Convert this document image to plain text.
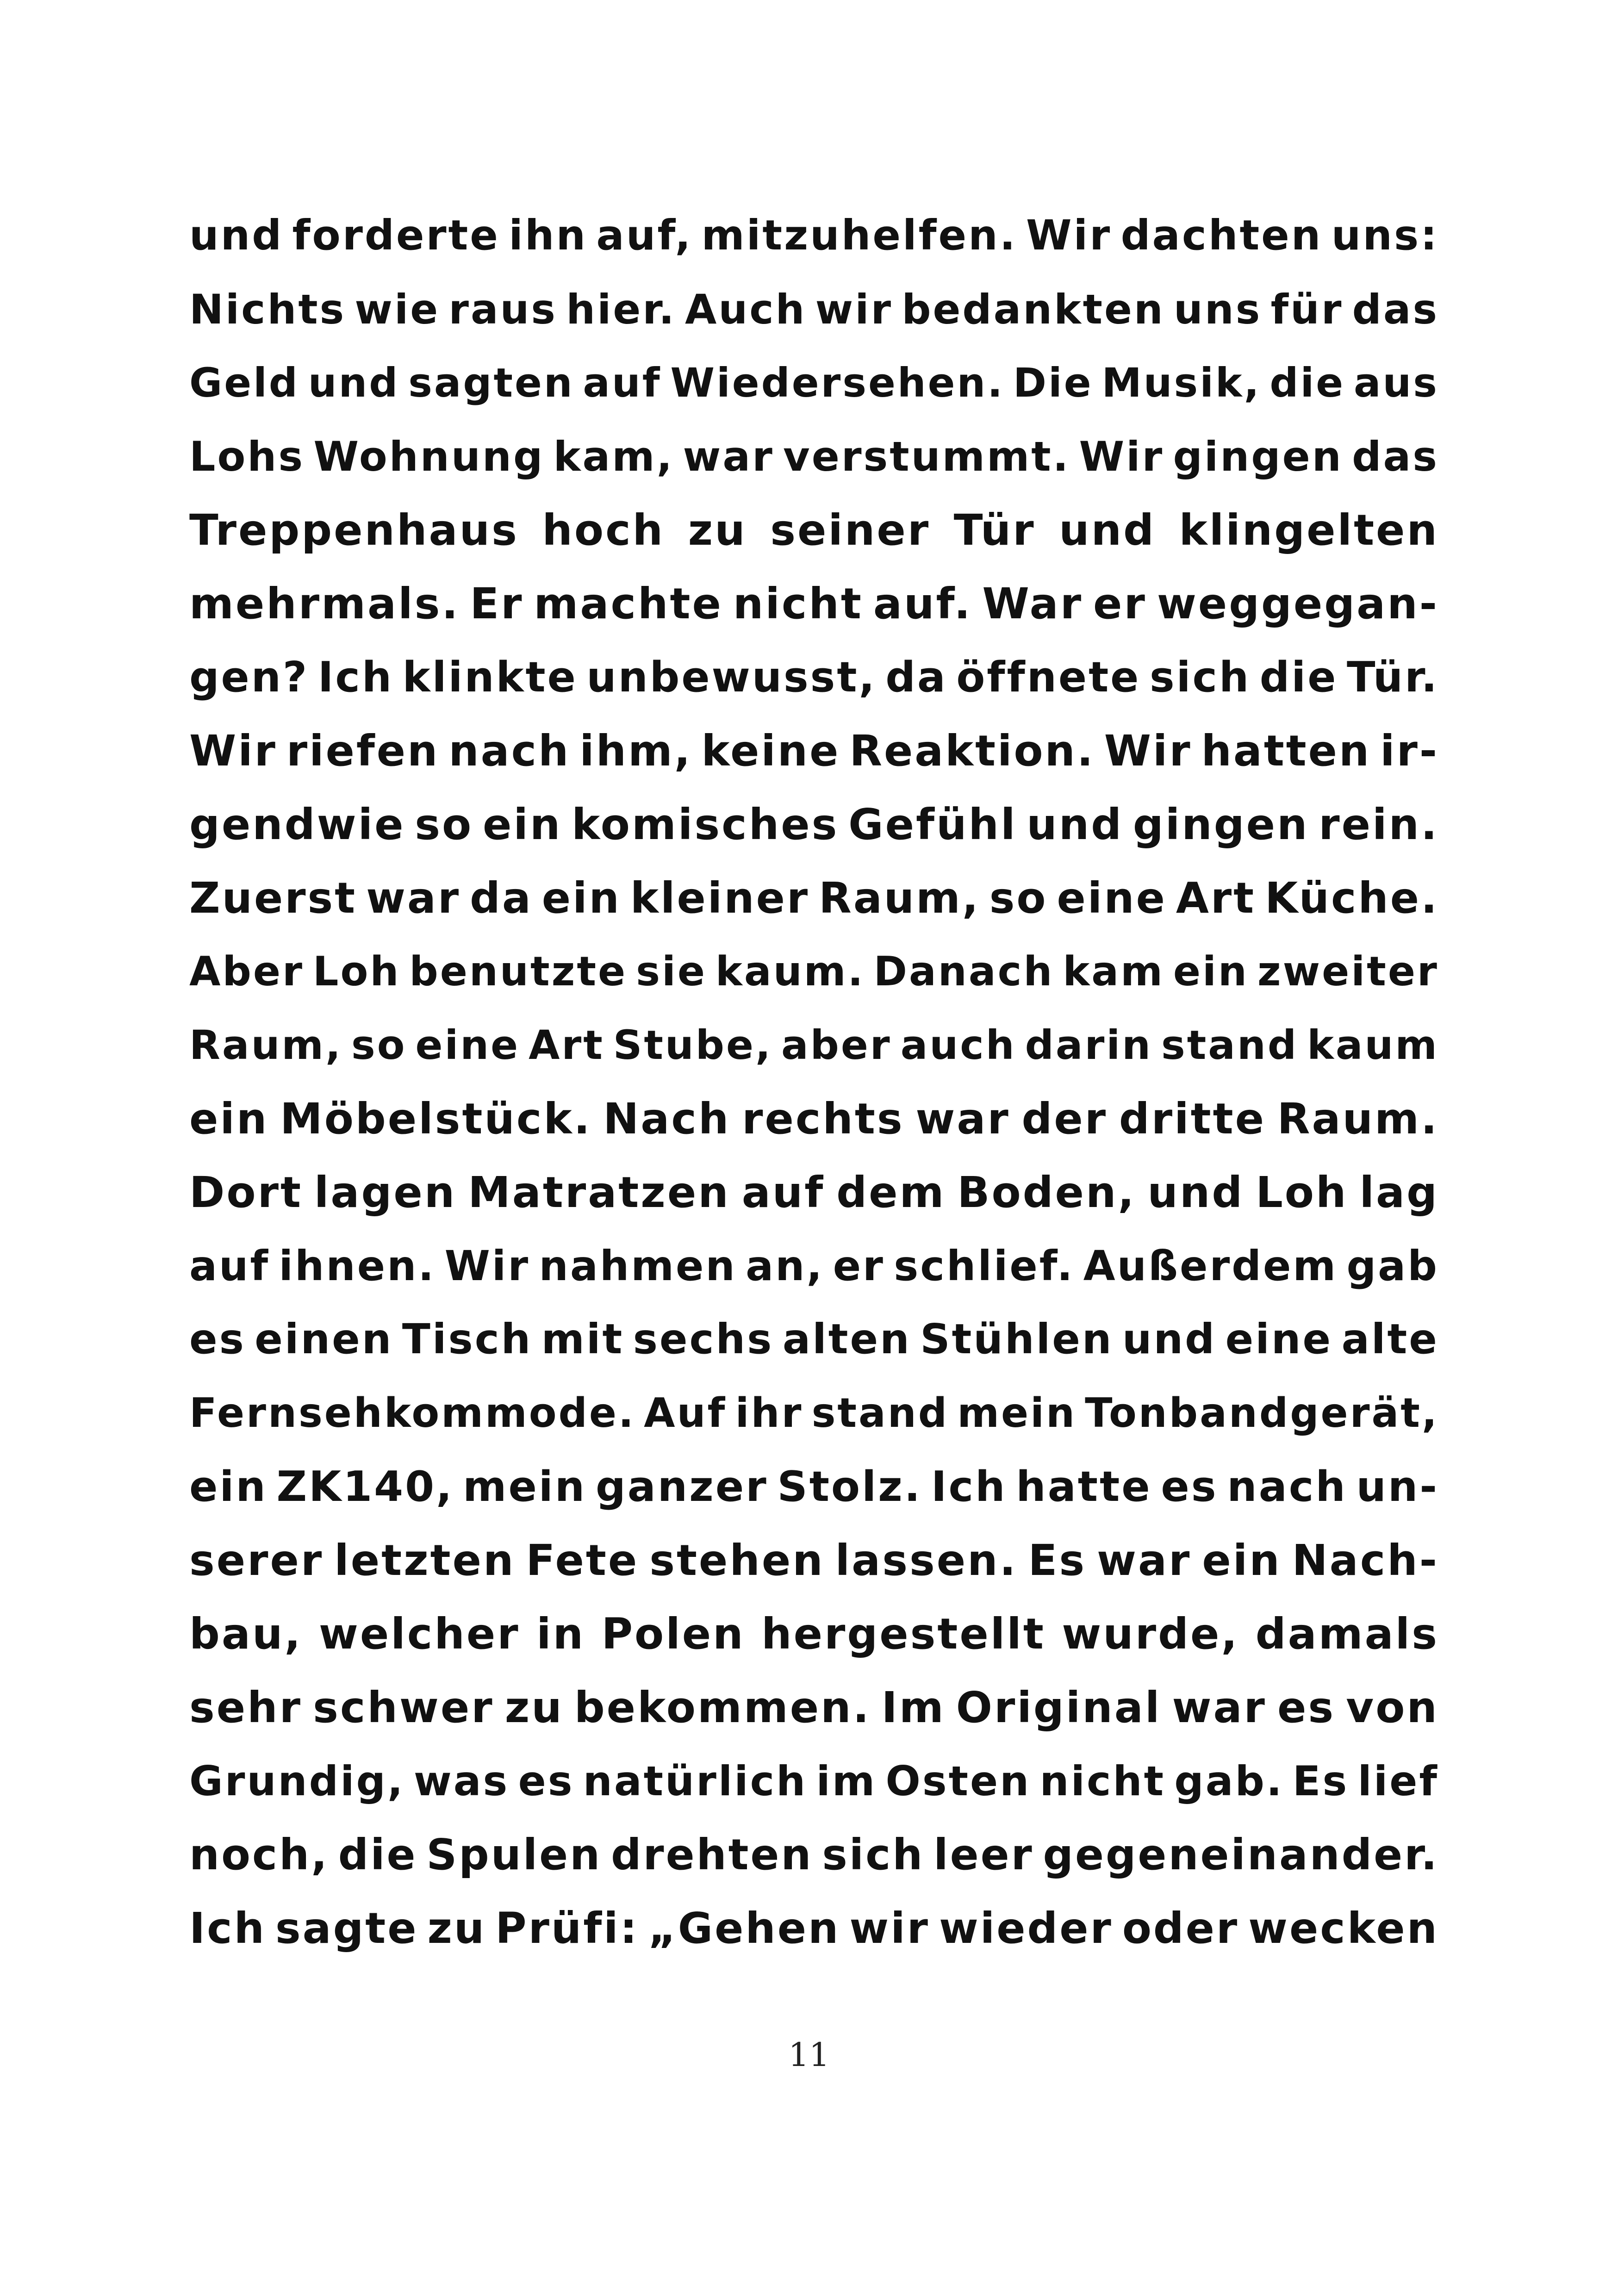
und forderte ihn auf, mitzuhelfen. Wir dachten uns:
Nichts wie raus hier. Auch wir bedankten uns für das
Geld und sagten auf Wiedersehen. Die Musik, die aus
Lohs Wohnung kam, war verstummt. Wir gingen das
Treppenhaus hoch zu seiner Tür und klingelten
mehrmals. Er machte nicht auf. War er weggegan-
gen? Ich klinkte unbewusst, da öffnete sich die Tür.
Wir riefen nach ihm, keine Reaktion. Wir hatten ir-
gendwie so ein komisches Gefühl und gingen rein.
Zuerst war da ein kleiner Raum, so eine Art Küche.
Aber Loh benutzte sie kaum. Danach kam ein zweiter
Raum, so eine Art Stube, aber auch darin stand kaum
ein Möbelstück. Nach rechts war der dritte Raum.
Dort lagen Matratzen auf dem Boden, und Loh lag
auf ihnen. Wir nahmen an, er schlief. Außerdem gab
es einen Tisch mit sechs alten Stühlen und eine alte
Fernsehkommode. Auf ihr stand mein Tonbandgerät,
ein ZK140, mein ganzer Stolz. Ich hatte es nach un-
serer letzten Fete stehen lassen. Es war ein Nach-
bau, welcher in Polen hergestellt wurde, damals
sehr schwer zu bekommen. Im Original war es von
Grundig, was es natürlich im Osten nicht gab. Es lief
noch, die Spulen drehten sich leer gegeneinander.
Ich sagte zu Prüfi: „Gehen wir wieder oder wecken
11
